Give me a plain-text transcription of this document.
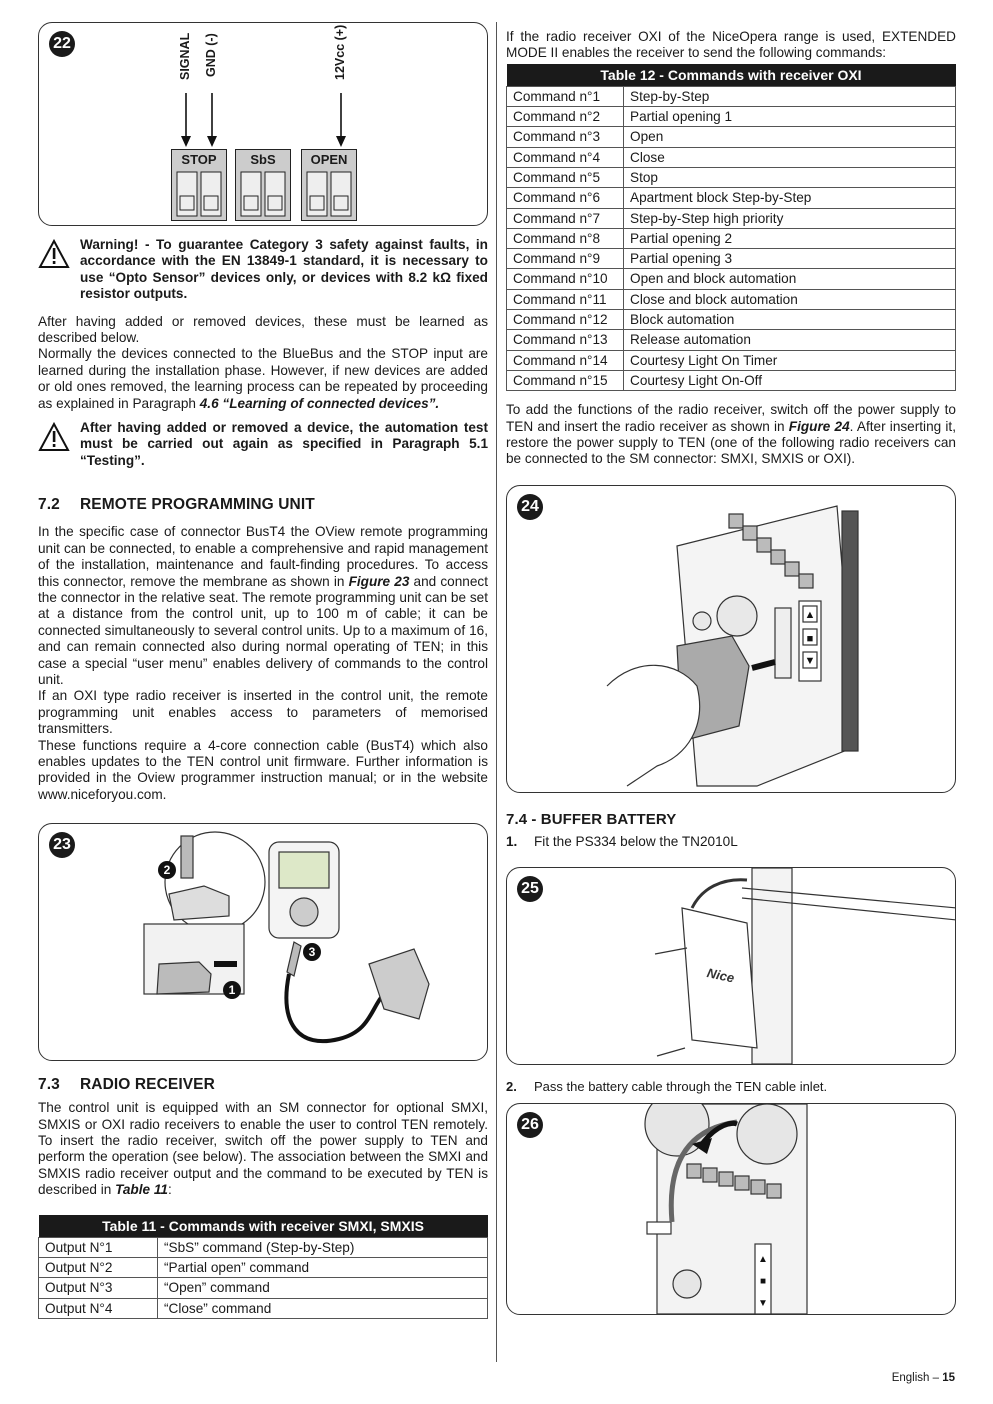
22	SIGNAL GND (-)	12Vcc (+)
STOP	SbS	OPEN
Warning! - To guarantee Category 3 safety against faults, in accordance with the EN 13849-1 standard, it is necessary to use “Opto Sensor” devices only, or devices with 8.2 kΩ fixed resistor outputs.

After having added or removed devices, these must be learned as described below.

Normally the devices connected to the BlueBus and the STOP input are learned during the installation phase. However, if new devices are added or old ones removed, the learning process can be repeated by proceeding as explained in Paragraph 4.6 “Learning of connected devices”.

After having added or removed a device, the automation test must be carried out again as specified in Paragraph 5.1 “Testing”.
7.2 REMOTE PROGRAMMING UNIT

In the specific case of connector BusT4 the OView remote programming unit can be connected, to enable a comprehensive and rapid management of the installation, maintenance and fault-finding procedures. To access this connector, remove the membrane as shown in Figure 23 and connect the connector in the relative seat. The remote programming unit can be set at a distance from the control unit, up to 100 m of cable; it can be connected simultaneously to several control units. Up to a maximum of 16, and can remain connected also during normal operating of TEN; in this case a special “user menu” enables delivery of commands to the control unit.

If an OXI type radio receiver is inserted in the control unit, the remote programming unit enables access to parameters of memorised transmitters.

These functions require a 4-core connection cable (BusT4) which also enables updates to the TEN control unit firmware. Further information is provided in the Oview programmer instruction manual; or in the website www.niceforyou.com.

23
2
3
1
7.3 RADIO RECEIVER

The control unit is equipped with an SM connector for optional SMXI, SMXIS or OXI radio receivers to enable the user to control TEN remotely. To insert the radio receiver, switch off the power supply to TEN and perform the operation (see below). The association between the SMXI and SMXIS radio receiver output and the command to be executed by TEN is described in Table 11:

Table 11 - Commands with receiver SMXI, SMXIS	
Output N°1	“SbS” command (Step-by-Step)
Output N°2	“Partial open” command
Output N°3	“Open” command
Output N°4	“Close” command

If the radio receiver OXI of the NiceOpera range is used, EXTENDED MODE II enables the receiver to send the following commands:

Table 12 - Commands with receiver OXI	
Command n°1	Step-by-Step
Command n°2	Partial opening 1
Command n°3	Open
Command n°4	Close
Command n°5	Stop
Command n°6	Apartment block Step-by-Step
Command n°7	Step-by-Step high priority
Command n°8	Partial opening 2
Command n°9	Partial opening 3
Command n°10	Open and block automation
Command n°11	Close and block automation
Command n°12	Block automation
Command n°13	Release automation
Command n°14	Courtesy Light On Timer
Command n°15	Courtesy Light On-Off

To add the functions of the radio receiver, switch off the power supply to TEN and insert the radio receiver as shown in Figure 24. After inserting it, restore the power supply to TEN (one of the following radio receivers can be connected to the SM connector: SMXI, SMXIS or OXI).

24
▲
■
▼
7.4 - BUFFER BATTERY
1. Fit the PS334 below the TN2010L
25
Nice
2. Pass the battery cable through the TEN cable inlet.
26
▲
■
▼
English – 15
